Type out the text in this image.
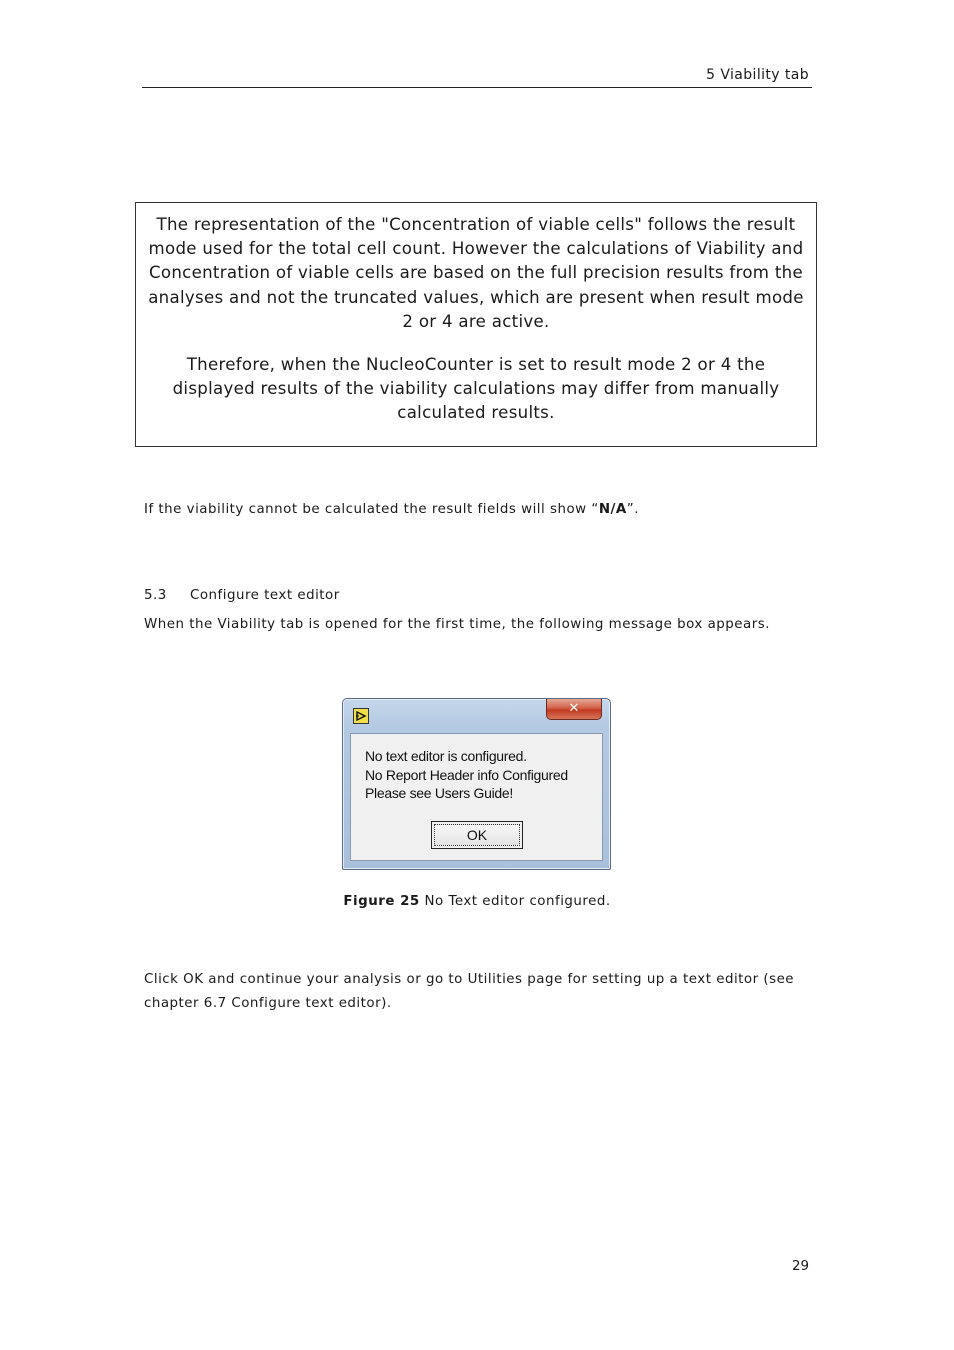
5 Viability tab

The representation of the "Concentration of viable cells" follows the result mode used for the total cell count. However the calculations of Viability and Concentration of viable cells are based on the full precision results from the analyses and not the truncated values, which are present when result mode 2 or 4 are active.

Therefore, when the NucleoCounter is set to result mode 2 or 4 the displayed results of the viability calculations may differ from manually calculated results.

If the viability cannot be calculated the result fields will show “N/A”.
5.3 Configure text editor
When the Viability tab is opened for the first time, the following message box appears.
✕
No text editor is configured.
No Report Header info Configured
Please see Users Guide!
OK
Figure 25 No Text editor configured.
Click OK and continue your analysis or go to Utilities page for setting up a text editor (see
chapter 6.7 Configure text editor).
29
